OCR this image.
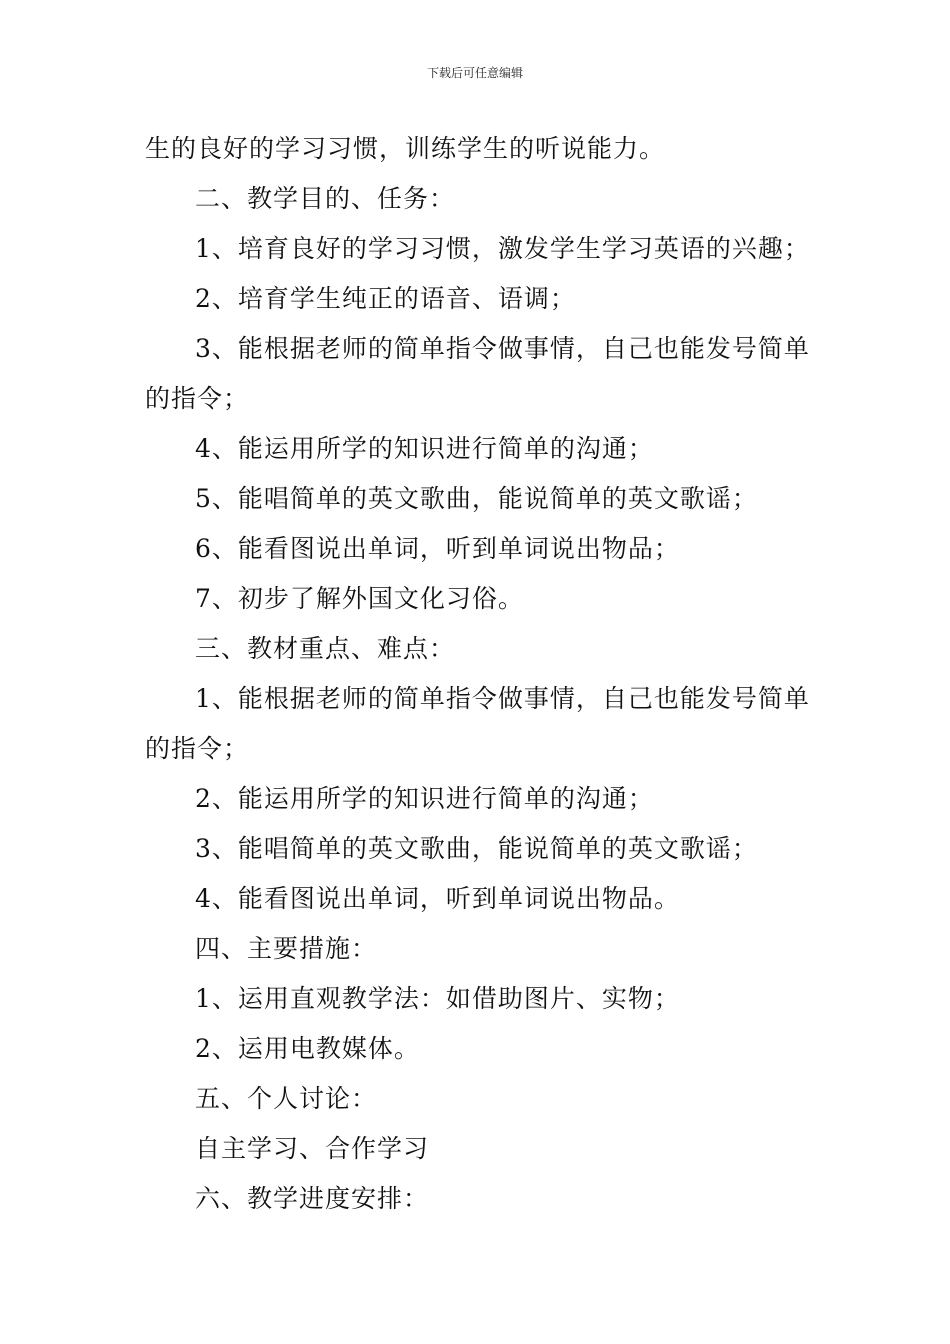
下载后可任意编辑
生的良好的学习习惯，训练学生的听说能力。
二、教学目的、任务：
1、培育良好的学习习惯，激发学生学习英语的兴趣；
2、培育学生纯正的语音、语调；
3、能根据老师的简单指令做事情，自己也能发号简单
的指令；
4、能运用所学的知识进行简单的沟通；
5、能唱简单的英文歌曲，能说简单的英文歌谣；
6、能看图说出单词，听到单词说出物品；
7、初步了解外国文化习俗。
三、教材重点、难点：
1、能根据老师的简单指令做事情，自己也能发号简单
的指令；
2、能运用所学的知识进行简单的沟通；
3、能唱简单的英文歌曲，能说简单的英文歌谣；
4、能看图说出单词，听到单词说出物品。
四、主要措施：
1、运用直观教学法：如借助图片、实物；
2、运用电教媒体。
五、个人讨论：
自主学习、合作学习
六、教学进度安排：
